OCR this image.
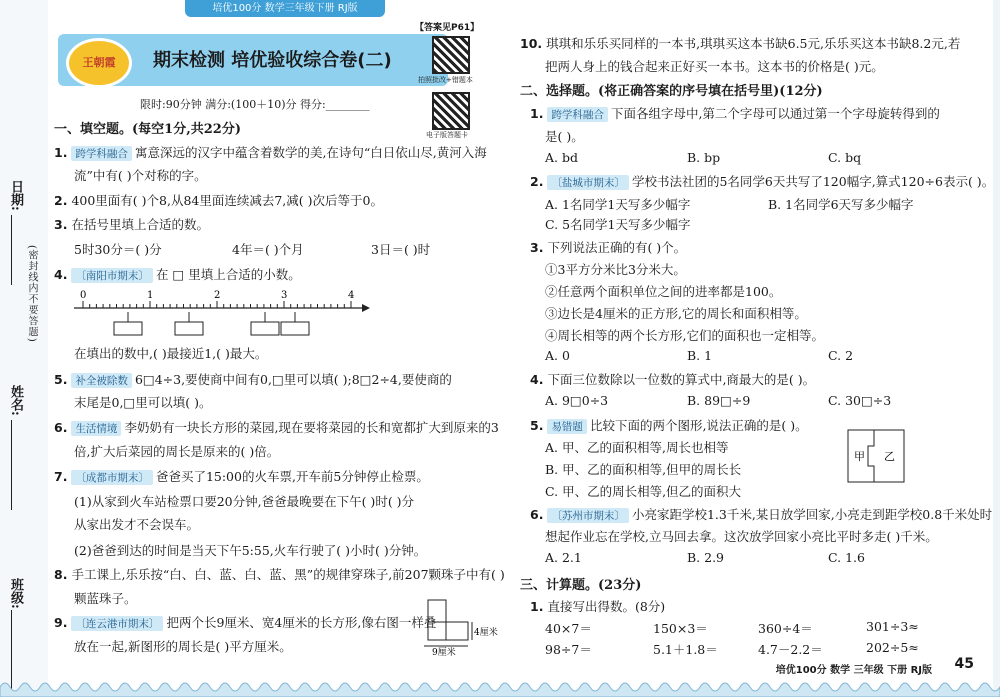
日期:
(密封线内不要答题)
姓名:
班级:
培优100分 数学三年级下册 RJ版
王朝霞	期末检测 培优验收综合卷(二)
【答案见P61】
拍照批改+错题本
电子版答题卡
限时:90分钟 满分:(100＋10)分 得分:________
一、填空题。(每空1分,共22分)
1. 跨学科融合 寓意深远的汉字中蕴含着数学的美,在诗句“白日依山尽,黄河入海
流”中有( )个对称的字。
2. 400里面有( )个8,从84里面连续减去7,减( )次后等于0。
3. 在括号里填上合适的数。
5时30分＝( )分	4年＝( )个月	3日＝( )时
4. 〔南阳市期末〕 在 □ 里填上合适的小数。
0	1	2	3	4
在填出的数中,( )最接近1,( )最大。
5. 补全被除数 6□4÷3,要使商中间有0,□里可以填( );8□2÷4,要使商的
末尾是0,□里可以填( )。
6. 生活情境 李奶奶有一块长方形的菜园,现在要将菜园的长和宽都扩大到原来的3
倍,扩大后菜园的周长是原来的( )倍。
7. 〔成都市期末〕 爸爸买了15:00的火车票,开车前5分钟停止检票。
(1)从家到火车站检票口要20分钟,爸爸最晚要在下午( )时( )分
从家出发才不会误车。
(2)爸爸到达的时间是当天下午5:55,火车行驶了( )小时( )分钟。
8. 手工课上,乐乐按“白、白、蓝、白、蓝、黑”的规律穿珠子,前207颗珠子中有( )
颗蓝珠子。
9. 〔连云港市期末〕 把两个长9厘米、宽4厘米的长方形,像右图一样叠
放在一起,新图形的周长是( )平方厘米。	9厘米
4厘米
10. 琪琪和乐乐买同样的一本书,琪琪买这本书缺6.5元,乐乐买这本书缺8.2元,若
把两人身上的钱合起来正好买一本书。这本书的价格是( )元。
二、选择题。(将正确答案的序号填在括号里)(12分)
1. 跨学科融合 下面各组字母中,第二个字母可以通过第一个字母旋转得到的
是( )。
A. bd	B. bp	C. bq
2. 〔盐城市期末〕 学校书法社团的5名同学6天共写了120幅字,算式120÷6表示( )。
A. 1名同学1天写多少幅字	B. 1名同学6天写多少幅字
C. 5名同学1天写多少幅字
3. 下列说法正确的有( )个。
①3平方分米比3分米大。
②任意两个面积单位之间的进率都是100。
③边长是4厘米的正方形,它的周长和面积相等。
④周长相等的两个长方形,它们的面积也一定相等。
A. 0	B. 1	C. 2
4. 下面三位数除以一位数的算式中,商最大的是( )。
A. 9□0÷3	B. 89□÷9	C. 30□÷3
5. 易错题 比较下面的两个图形,说法正确的是( )。
A. 甲、乙的面积相等,周长也相等
B. 甲、乙的面积相等,但甲的周长长
C. 甲、乙的周长相等,但乙的面积大
甲 乙
6. 〔苏州市期末〕 小亮家距学校1.3千米,某日放学回家,小亮走到距学校0.8千米处时
想起作业忘在学校,立马回去拿。这次放学回家小亮比平时多走( )千米。
A. 2.1	B. 2.9	C. 1.6
三、计算题。(23分)
1. 直接写出得数。(8分)
40×7＝	150×3＝	360÷4＝	301÷3≈
98÷7＝	5.1＋1.8＝	4.7－2.2＝	202÷5≈
培优100分 数学 三年级 下册 RJ版 45
